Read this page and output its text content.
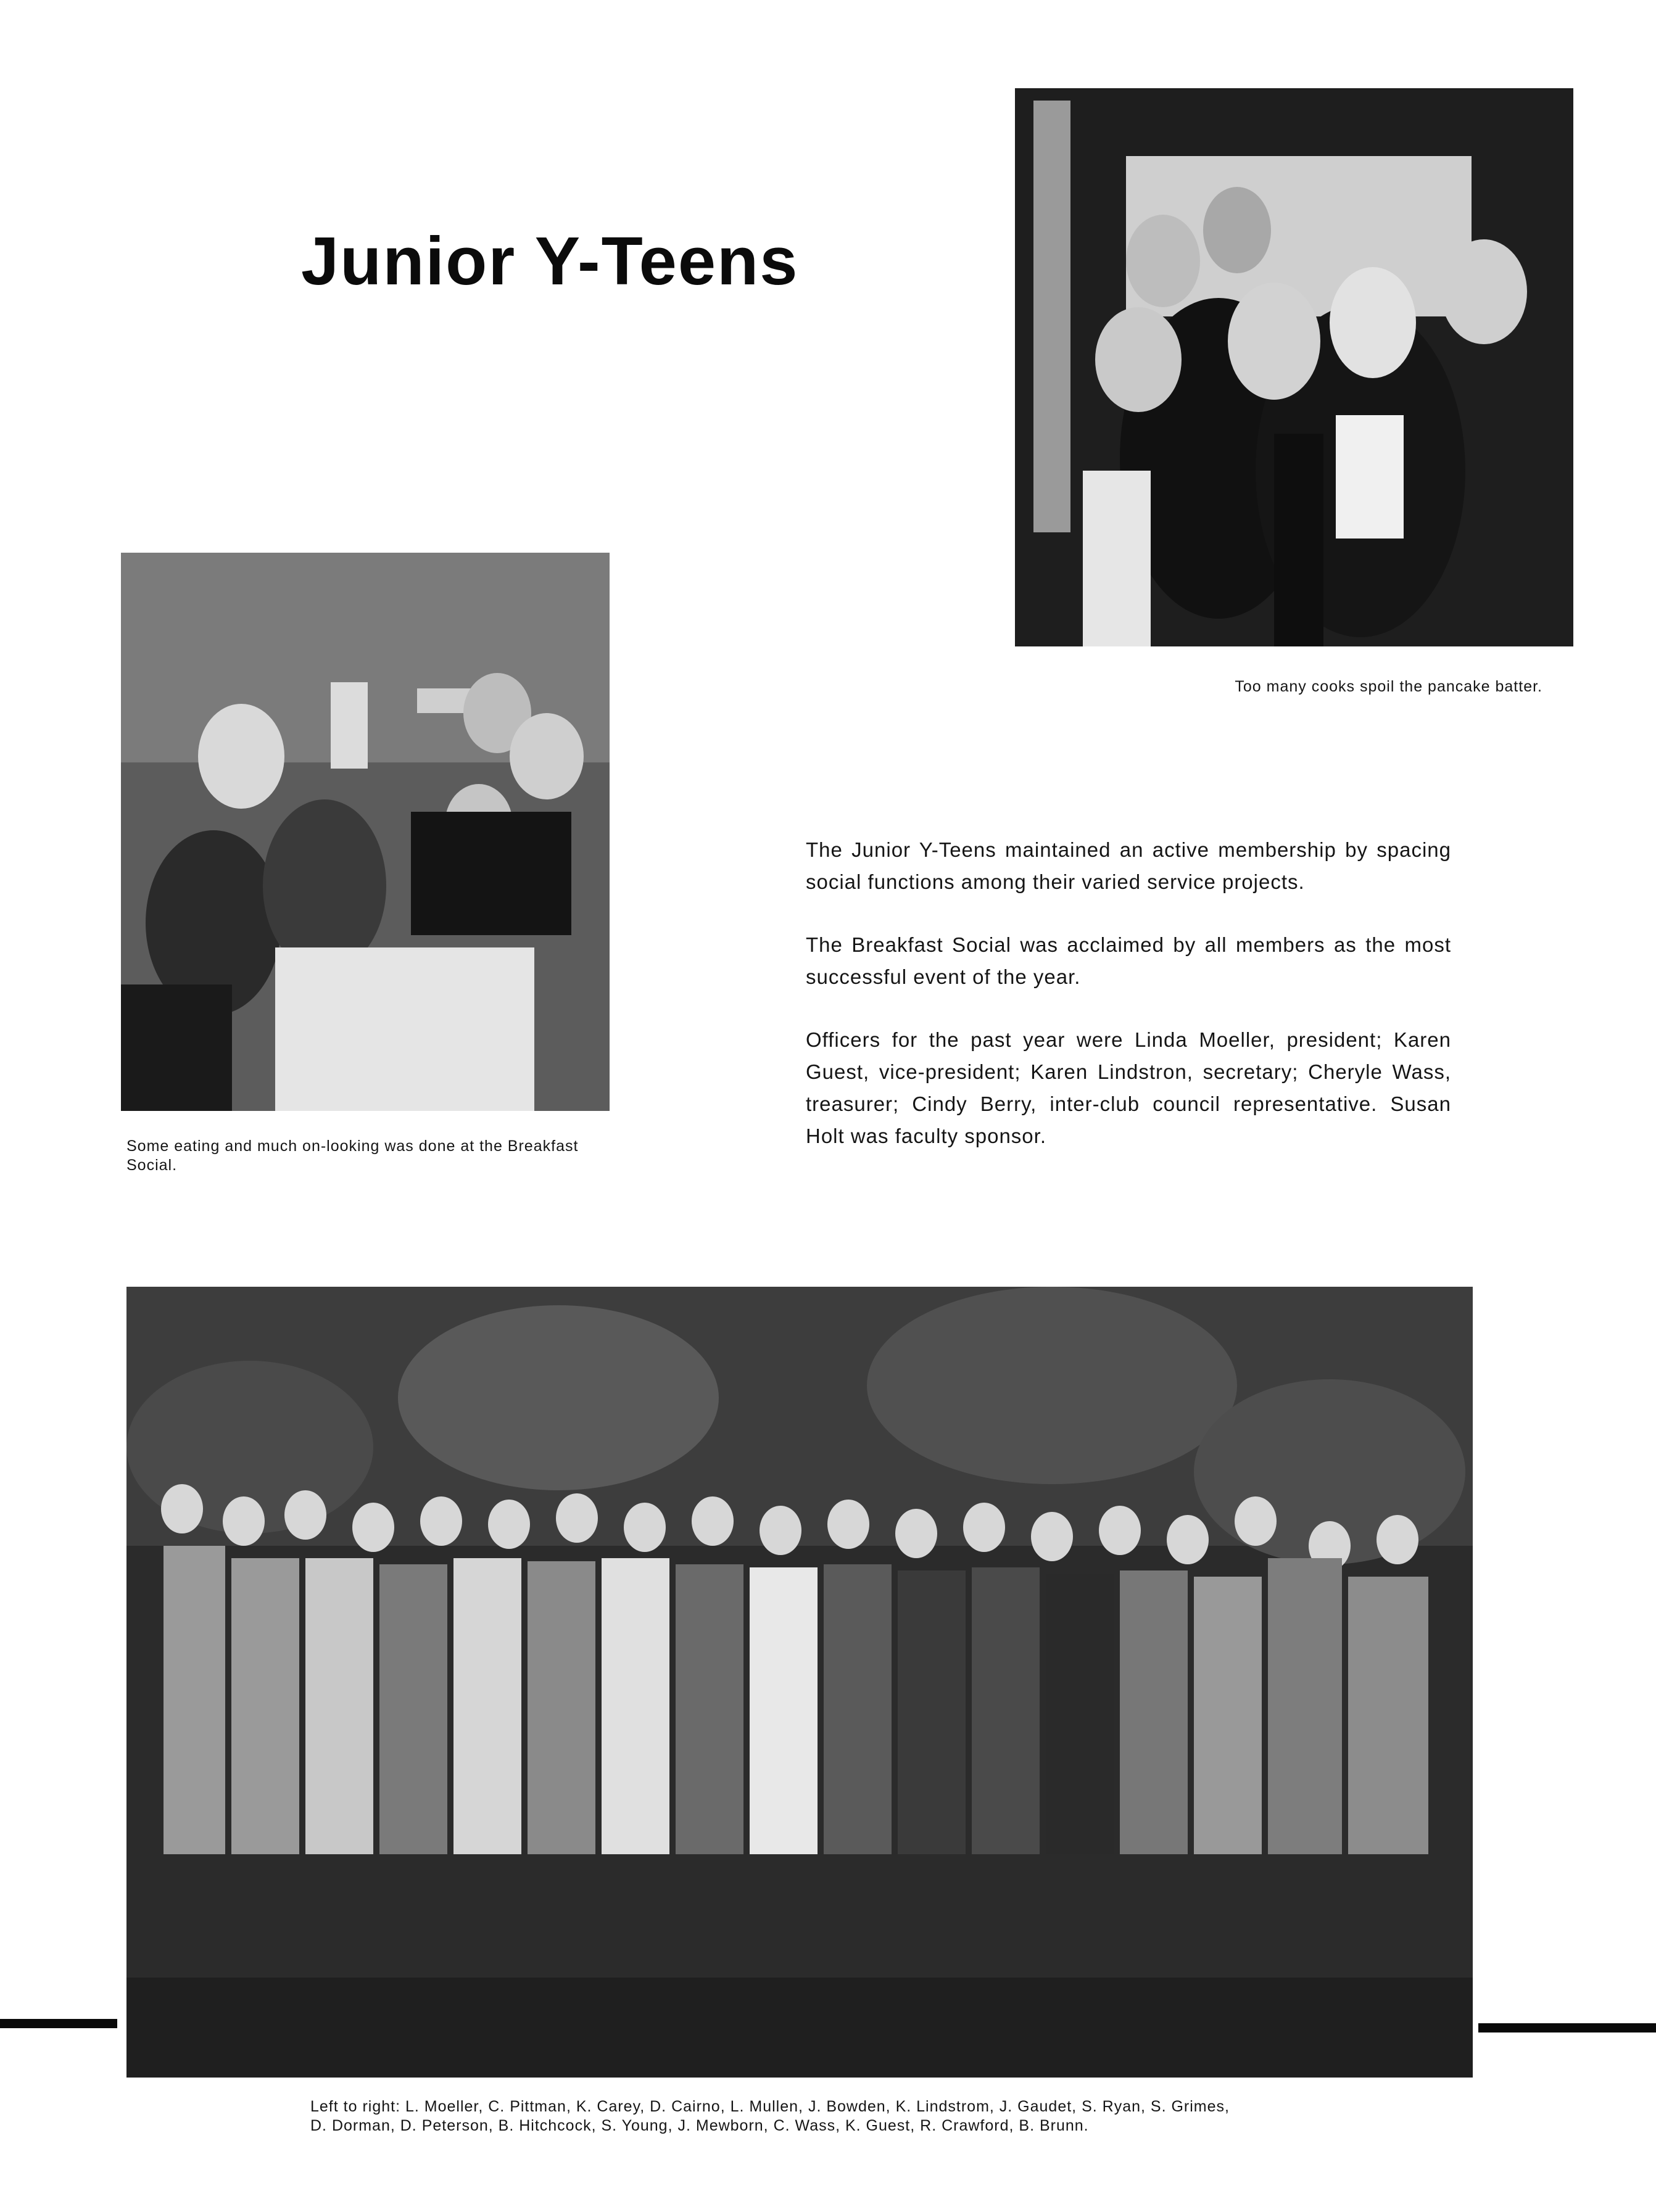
Junior Y-Teens

Too many cooks spoil the pancake batter.

Some eating and much on-looking was done at the Breakfast Social.

The Junior Y-Teens maintained an active membership by spacing social functions among their varied service projects.

The Breakfast Social was acclaimed by all members as the most successful event of the year.

Officers for the past year were Linda Moeller, president; Karen Guest, vice-president; Karen Lindstron, secretary; Cheryle Wass, treasurer; Cindy Berry, inter-club council representative. Susan Holt was faculty sponsor.

Left to right: L. Moeller, C. Pittman, K. Carey, D. Cairno, L. Mullen, J. Bowden, K. Lindstrom, J. Gaudet, S. Ryan, S. Grimes, D. Dorman, D. Peterson, B. Hitchcock, S. Young, J. Mewborn, C. Wass, K. Guest, R. Crawford, B. Brunn.
